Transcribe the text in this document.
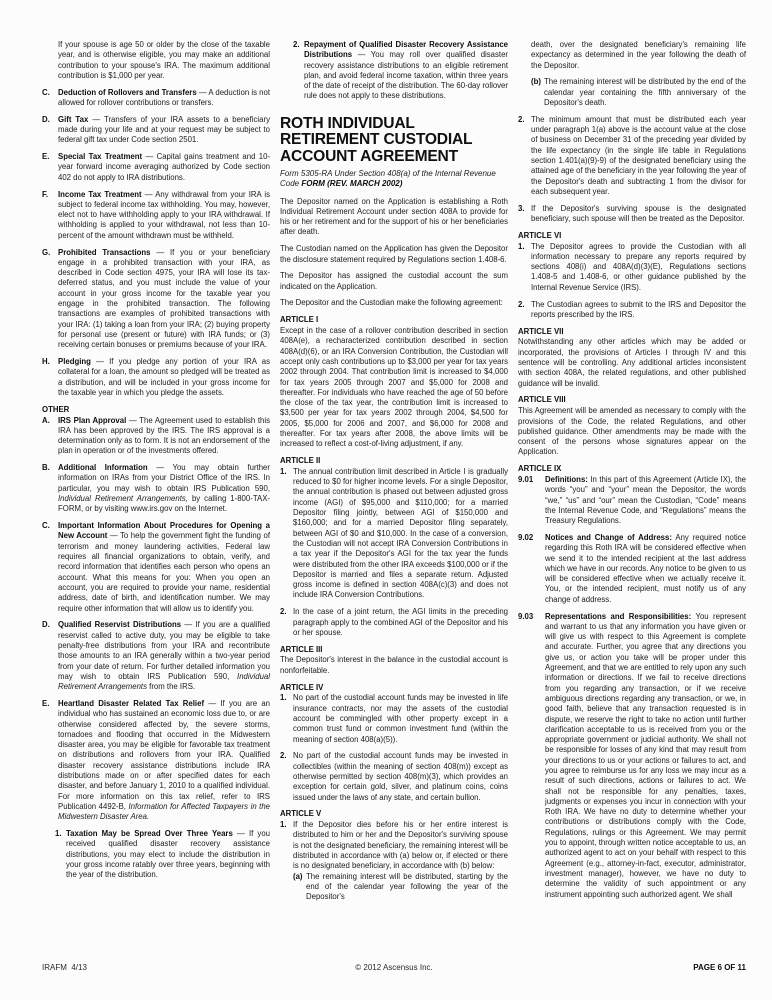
If your spouse is age 50 or older by the close of the taxable year, and is otherwise eligible, you may make an additional contribution to your spouse's IRA. The maximum additional contribution is $1,000 per year.
C.	Deduction of Rollovers and Transfers — A deduction is not allowed for rollover contributions or transfers.
D.	Gift Tax — Transfers of your IRA assets to a beneficiary made during your life and at your request may be subject to federal gift tax under Code section 2501.
E.	Special Tax Treatment — Capital gains treatment and 10-year forward income averaging authorized by Code section 402 do not apply to IRA distributions.
F.	Income Tax Treatment — Any withdrawal from your IRA is subject to federal income tax withholding. You may, however, elect not to have withholding apply to your IRA withdrawal. If withholding is applied to your withdrawal, not less than 10-percent of the amount withdrawn must be withheld.
G. Prohibited Transactions — If you or your beneficiary engage in a prohibited transaction with your IRA, as described in Code section 4975, your IRA will lose its tax-deferred status, and you must include the value of your account in your gross income for the taxable year you engage in the prohibited transaction. The following transactions are examples of prohibited transactions with your IRA: (1) taking a loan from your IRA; (2) buying property for personal use (present or future) with IRA funds; or (3) receiving certain bonuses or premiums because of your IRA.
H.	Pledging — If you pledge any portion of your IRA as collateral for a loan, the amount so pledged will be treated as a distribution, and will be included in your gross income for the taxable year in which you pledge the assets.
OTHER
A.	IRS Plan Approval — The Agreement used to establish this IRA has been approved by the IRS. The IRS approval is a determination only as to form. It is not an endorsement of the plan in operation or of the investments offered.
B.	Additional Information — You may obtain further information on IRAs from your District Office of the IRS. In particular, you may wish to obtain IRS Publication 590, Individual Retirement Arrangements, by calling 1-800-TAX-FORM, or by visiting www.irs.gov on the Internet.
C.	Important Information About Procedures for Opening a New Account — To help the government fight the funding of terrorism and money laundering activities, Federal law requires all financial organizations to obtain, verify, and record information that identifies each person who opens an account. What this means for you: When you open an account, you are required to provide your name, residential address, date of birth, and identification number. We may require other information that will allow us to identify you.
D.	Qualified Reservist Distributions — If you are a qualified reservist called to active duty, you may be eligible to take penalty-free distributions from your IRA and recontribute those amounts to an IRA generally within a two-year period from your date of return. For further detailed information you may wish to obtain IRS Publication 590, Individual Retirement Arrangements from the IRS.
E.	Heartland Disaster Related Tax Relief — If you are an individual who has sustained an economic loss due to, or are otherwise considered affected by, the severe storms, tornadoes and flooding that occurred in the Midwestern disaster area, you may be eligible for favorable tax treatment on distributions and rollovers from your IRA. Qualified disaster recovery assistance distributions include IRA distributions made on or after specified dates for each disaster, and before January 1, 2010 to a qualified individual. For more information on this tax relief, refer to IRS Publication 4492-B, Information for Affected Taxpayers in the Midwestern Disaster Area.
1. Taxation May be Spread Over Three Years — If you received qualified disaster recovery assistance distributions, you may elect to include the distribution in your gross income ratably over three years, beginning with the year of the distribution.
2. Repayment of Qualified Disaster Recovery Assistance Distributions — You may roll over qualified disaster recovery assistance distributions to an eligible retirement plan, and avoid federal income taxation, within three years of the date of receipt of the distribution. The 60-day rollover rule does not apply to these distributions.
ROTH INDIVIDUAL RETIREMENT CUSTODIAL ACCOUNT AGREEMENT
Form 5305-RA Under Section 408(a) of the Internal Revenue Code FORM (REV. MARCH 2002)
The Depositor named on the Application is establishing a Roth Individual Retirement Account under section 408A to provide for his or her retirement and for the support of his or her beneficiaries after death.
The Custodian named on the Application has given the Depositor the disclosure statement required by Regulations section 1.408-6.
The Depositor has assigned the custodial account the sum indicated on the Application.
The Depositor and the Custodian make the following agreement:
ARTICLE I
Except in the case of a rollover contribution described in section 408A(e), a recharacterized contribution described in section 408A(d)(6), or an IRA Conversion Contribution, the Custodian will accept only cash contributions up to $3,000 per year for tax years 2002 through 2004. That contribution limit is increased to $4,000 for tax years 2005 through 2007 and $5,000 for 2008 and thereafter. For individuals who have reached the age of 50 before the close of the tax year, the contribution limit is increased to $3,500 per year for tax years 2002 through 2004, $4,500 for 2005, $5,000 for 2006 and 2007, and $6,000 for 2008 and thereafter. For tax years after 2008, the above limits will be increased to reflect a cost-of-living adjustment, if any.
ARTICLE II
1. The annual contribution limit described in Article I is gradually reduced to $0 for higher income levels. For a single Depositor, the annual contribution is phased out between adjusted gross income (AGI) of $95,000 and $110,000; for a married Depositor filing jointly, between AGI of $150,000 and $160,000; and for a married Depositor filing separately, between AGI of $0 and $10,000. In the case of a conversion, the Custodian will not accept IRA Conversion Contributions in a tax year if the Depositor's AGI for the tax year the funds were distributed from the other IRA exceeds $100,000 or if the Depositor is married and files a separate return. Adjusted gross income is defined in section 408A(c)(3) and does not include IRA Conversion Contributions.
2. In the case of a joint return, the AGI limits in the preceding paragraph apply to the combined AGI of the Depositor and his or her spouse.
ARTICLE III
The Depositor's interest in the balance in the custodial account is nonforfeitable.
ARTICLE IV
1. No part of the custodial account funds may be invested in life insurance contracts, nor may the assets of the custodial account be commingled with other property except in a common trust fund or common investment fund (within the meaning of section 408(a)(5)).
2. No part of the custodial account funds may be invested in collectibles (within the meaning of section 408(m)) except as otherwise permitted by section 408(m)(3), which provides an exception for certain gold, silver, and platinum coins, coins issued under the laws of any state, and certain bullion.
ARTICLE V
1. If the Depositor dies before his or her entire interest is distributed to him or her and the Depositor's surviving spouse is not the designated beneficiary, the remaining interest will be distributed in accordance with (a) below or, if elected or there is no designated beneficiary, in accordance with (b) below:
(a) The remaining interest will be distributed, starting by the end of the calendar year following the year of the Depositor's
death, over the designated beneficiary's remaining life expectancy as determined in the year following the death of the Depositor.
(b) The remaining interest will be distributed by the end of the calendar year containing the fifth anniversary of the Depositor's death.
2. The minimum amount that must be distributed each year under paragraph 1(a) above is the account value at the close of business on December 31 of the preceding year divided by the life expectancy (in the single life table in Regulations section 1.401(a)(9)-9) of the designated beneficiary using the attained age of the beneficiary in the year following the year of the Depositor's death and subtracting 1 from the divisor for each subsequent year.
3. If the Depositor's surviving spouse is the designated beneficiary, such spouse will then be treated as the Depositor.
ARTICLE VI
1. The Depositor agrees to provide the Custodian with all information necessary to prepare any reports required by sections 408(i) and 408A(d)(3)(E), Regulations sections 1.408-5 and 1.408-6, or other guidance published by the Internal Revenue Service (IRS).
2. The Custodian agrees to submit to the IRS and Depositor the reports prescribed by the IRS.
ARTICLE VII
Notwithstanding any other articles which may be added or incorporated, the provisions of Articles I through IV and this sentence will be controlling. Any additional articles inconsistent with section 408A, the related regulations, and other published guidance will be invalid.
ARTICLE VIII
This Agreement will be amended as necessary to comply with the provisions of the Code, the related Regulations, and other published guidance. Other amendments may be made with the consent of the persons whose signatures appear on the Application.
ARTICLE IX
9.01	Definitions: In this part of this Agreement (Article IX), the words “you” and “your” mean the Depositor, the words “we,” “us” and “our” mean the Custodian, “Code” means the Internal Revenue Code, and “Regulations” means the Treasury Regulations.
9.02	Notices and Change of Address: Any required notice regarding this Roth IRA will be considered effective when we send it to the intended recipient at the last address which we have in our records. Any notice to be given to us will be considered effective when we actually receive it. You, or the intended recipient, must notify us of any change of address.
9.03	Representations and Responsibilities: You represent and warrant to us that any information you have given or will give us with respect to this Agreement is complete and accurate. Further, you agree that any directions you give us, or action you take will be proper under this Agreement, and that we are entitled to rely upon any such information or directions. If we fail to receive directions from you regarding any transaction, or if we receive ambiguous directions regarding any transaction, or we, in good faith, believe that any transaction requested is in dispute, we reserve the right to take no action until further clarification acceptable to us is received from you or the appropriate government or judicial authority. We shall not be responsible for losses of any kind that may result from your directions to us or your actions or failures to act, and you agree to reimburse us for any loss we may incur as a result of such directions, actions or failures to act. We shall not be responsible for any penalties, taxes, judgments or expenses you incur in connection with your Roth IRA. We have no duty to determine whether your contributions or distributions comply with the Code, Regulations, rulings or this Agreement. We may permit you to appoint, through written notice acceptable to us, an authorized agent to act on your behalf with respect to this Agreement (e.g., attorney-in-fact, executor, administrator, investment manager), however, we have no duty to determine the validity of such appointment or any instrument appointing such authorized agent. We shall
IRAFM  4/13	© 2012 Ascensus Inc.	PAGE 6 OF 11
